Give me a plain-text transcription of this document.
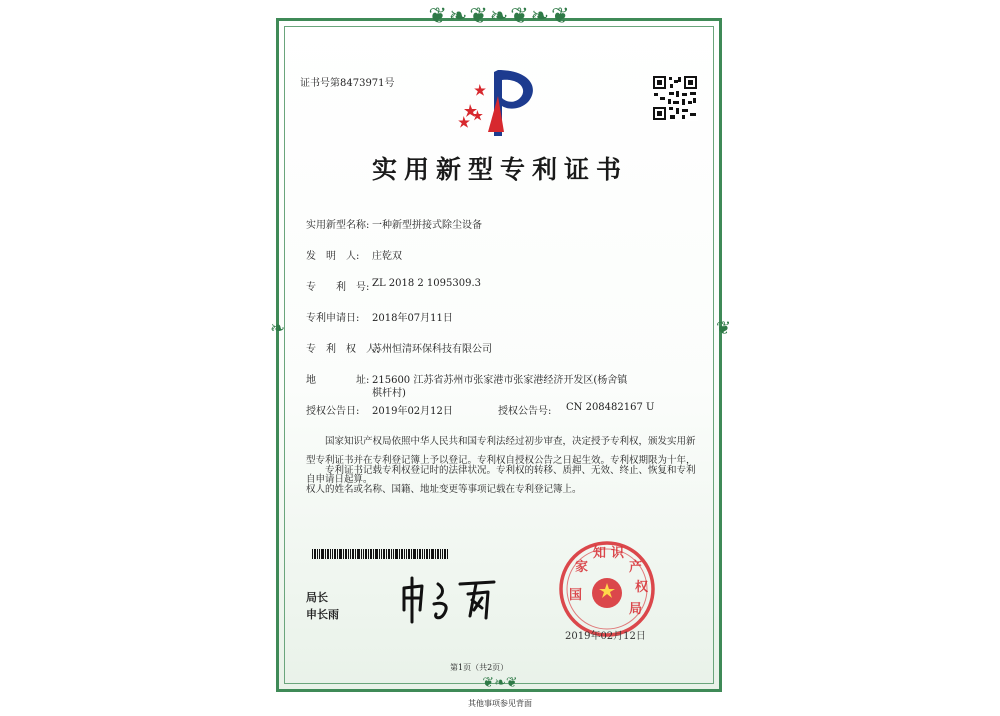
❦❧❦❧❦❧❦
❧	❦
❦❧❦
证书号第8473971号
实用新型专利证书
实用新型名称: 一种新型拼接式除尘设备
发　明　人: 庄乾双
专　　利　号: ZL 2018 2 1095309.3
专利申请日: 2018年07月11日
专　利　权　人:
苏州恒清环保科技有限公司
地　　　　址: 215600 江苏省苏州市张家港市张家港经济开发区(杨舍镇
棋杆村)
授权公告日: 2019年02月12日	授权公告号: CN 208482167 U
国家知识产权局依照中华人民共和国专利法经过初步审查，决定授予专利权，颁发实用新型专利证书并在专利登记簿上予以登记。专利权自授权公告之日起生效。专利权期限为十年，自申请日起算。
专利证书记载专利权登记时的法律状况。专利权的转移、质押、无效、终止、恢复和专利权人的姓名或名称、国籍、地址变更等事项记载在专利登记簿上。
局长
申长雨
国
家
知 识
产
权
局
2019年02月12日
第1页（共2页）
其他事项参见背面
